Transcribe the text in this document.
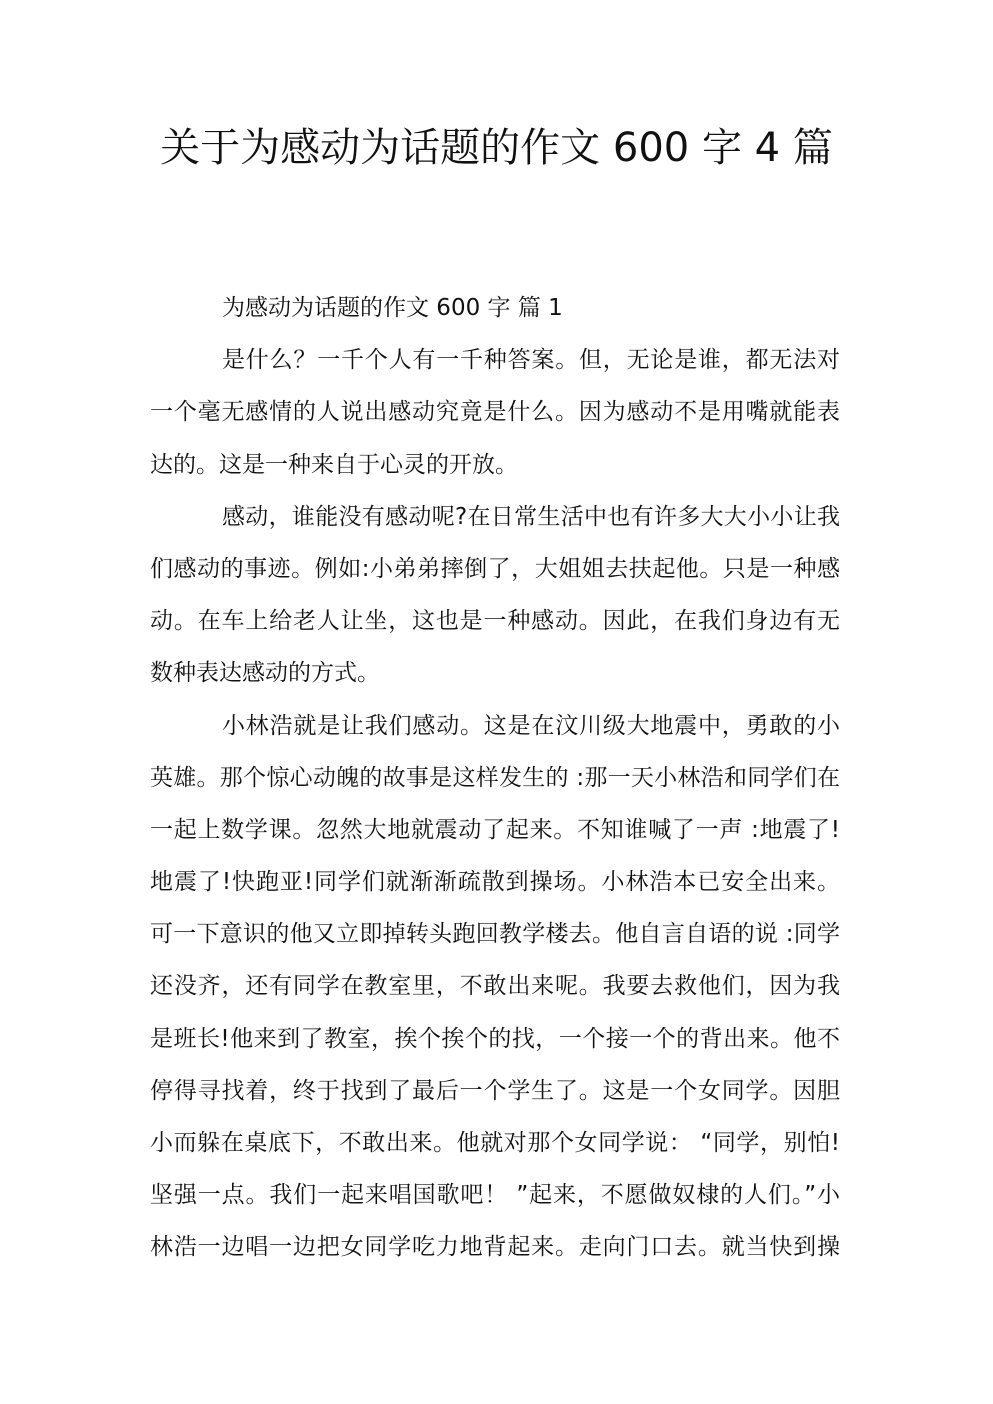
关于为感动为话题的作文 600 字 4 篇
为感动为话题的作文 600 字 篇 1
是什么？一千个人有一千种答案。但，无论是谁，都无法对
一个毫无感情的人说出感动究竟是什么。因为感动不是用嘴就能表
达的。这是一种来自于心灵的开放。
感动，谁能没有感动呢?在日常生活中也有许多大大小小让我
们感动的事迹。例如:小弟弟摔倒了，大姐姐去扶起他。只是一种感
动。在车上给老人让坐，这也是一种感动。因此，在我们身边有无
数种表达感动的方式。
小林浩就是让我们感动。这是在汶川级大地震中，勇敢的小
英雄。那个惊心动魄的故事是这样发生的 :那一天小林浩和同学们在
一起上数学课。忽然大地就震动了起来。不知谁喊了一声 :地震了!
地震了!快跑亚!同学们就渐渐疏散到操场。小林浩本已安全出来。
可一下意识的他又立即掉转头跑回教学楼去。他自言自语的说 :同学
还没齐，还有同学在教室里，不敢出来呢。我要去救他们，因为我
是班长!他来到了教室，挨个挨个的找，一个接一个的背出来。他不
停得寻找着，终于找到了最后一个学生了。这是一个女同学。因胆
小而躲在桌底下，不敢出来。他就对那个女同学说： “同学，别怕!
坚强一点。我们一起来唱国歌吧！ ”起来，不愿做奴棣的人们。”小
林浩一边唱一边把女同学吃力地背起来。走向门口去。就当快到操
